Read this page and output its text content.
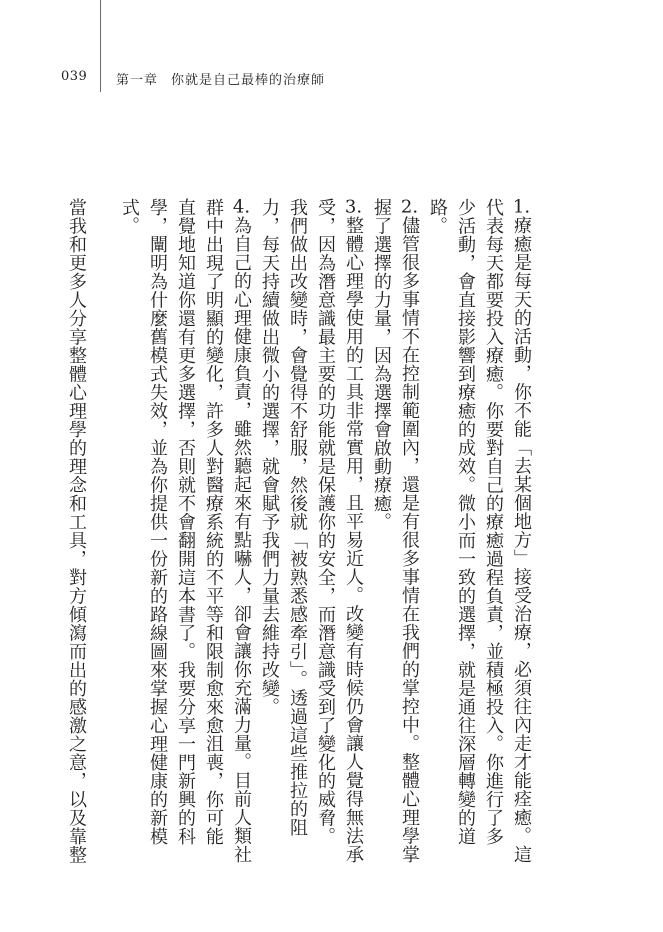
039 第一章 你就是自己最棒的治療師
1.療癒是每天的活動，你不能「去某個地方」接受治療，必須往內走才能痊癒。這
代表每天都要投入療癒。你要對自己的療癒過程負責，並積極投入。你進行了多
少活動，會直接影響到療癒的成效。微小而一致的選擇，就是通往深層轉變的道
路。
2.儘管很多事情不在控制範圍內，還是有很多事情在我們的掌控中。整體心理學掌
握了選擇的力量，因為選擇會啟動療癒。
3.整體心理學使用的工具非常實用，且平易近人。改變有時候仍會讓人覺得無法承
受，因為潛意識最主要的功能就是保護你的安全，而潛意識受到了變化的威脅。
我們做出改變時，會覺得不舒服，然後就「被熟悉感牽引」。透過這些推拉的阻
力，每天持續做出微小的選擇，就會賦予我們力量去維持改變。
4.為自己的心理健康負責，雖然聽起來有點嚇人，卻會讓你充滿力量。目前人類社
群中出現了明顯的變化，許多人對醫療系統的不平等和限制愈來愈沮喪，你可能
直覺地知道你還有更多選擇，否則就不會翻開這本書了。我要分享一門新興的科
學，闡明為什麼舊模式失效，並為你提供一份新的路線圖來掌握心理健康的新模
式。
當我和更多人分享整體心理學的理念和工具，對方傾瀉而出的感激之意，以及靠整
